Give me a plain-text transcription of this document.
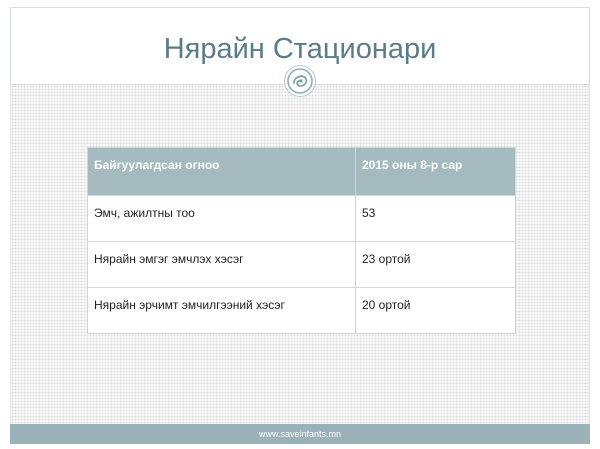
Нярайн Стационари
Байгуулагдсан огноо	2015 оны 8-р сар
Эмч, ажилтны тоо	53
Нярайн эмгэг эмчлэх хэсэг	23 ортой
Нярайн эрчимт эмчилгээний хэсэг	20 ортой
www.saveinfants.mn
